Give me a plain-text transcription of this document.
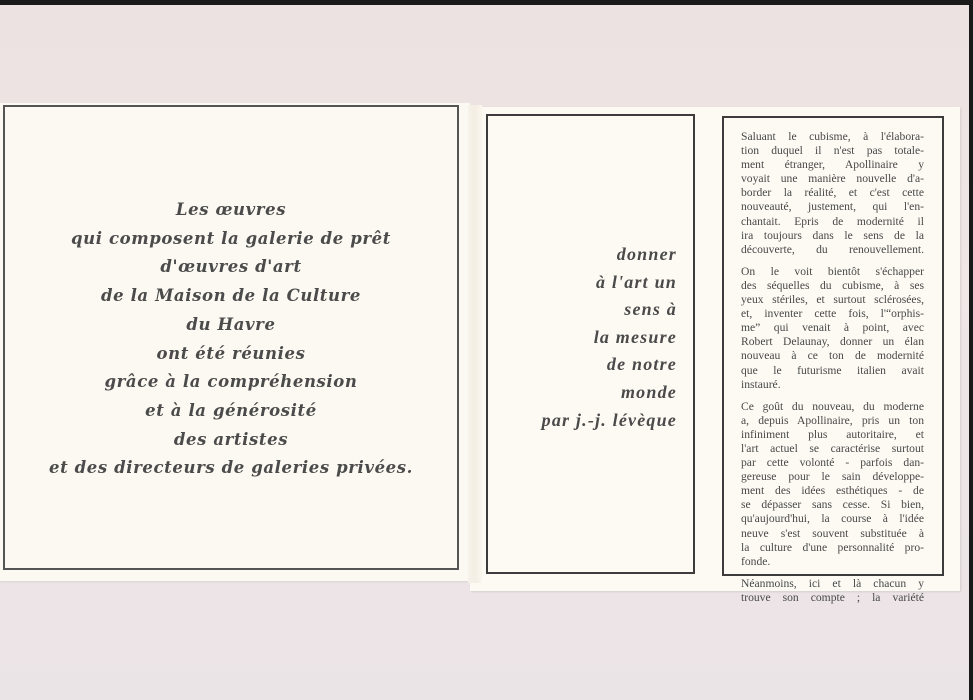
Les œuvres
qui composent la galerie de prêt
d'œuvres d'art
de la Maison de la Culture
du Havre
ont été réunies
grâce à la compréhension
et à la générosité
des artistes
et des directeurs de galeries privées.
donner
à l'art un
sens à
la mesure
de notre
monde
par j.-j. lévèque

Saluant le cubisme, à l'élabora-
tion duquel il n'est pas totale-
ment étranger, Apollinaire y
voyait une manière nouvelle d'a-
border la réalité, et c'est cette
nouveauté, justement, qui l'en-
chantait. Epris de modernité il
ira toujours dans le sens de la
découverte, du renouvellement.

On le voit bientôt s'échapper
des séquelles du cubisme, à ses
yeux stériles, et surtout sclérosées,
et, inventer cette fois, l'“orphis-
me” qui venait à point, avec
Robert Delaunay, donner un élan
nouveau à ce ton de modernité
que le futurisme italien avait
instauré.

Ce goût du nouveau, du moderne
a, depuis Apollinaire, pris un ton
infiniment plus autoritaire, et
l'art actuel se caractérise surtout
par cette volonté - parfois dan-
gereuse pour le sain développe-
ment des idées esthétiques - de
se dépasser sans cesse. Si bien,
qu'aujourd'hui, la course à l'idée
neuve s'est souvent substituée à
la culture d'une personnalité pro-
fonde.

Néanmoins, ici et là chacun y
trouve son compte ; la variété
